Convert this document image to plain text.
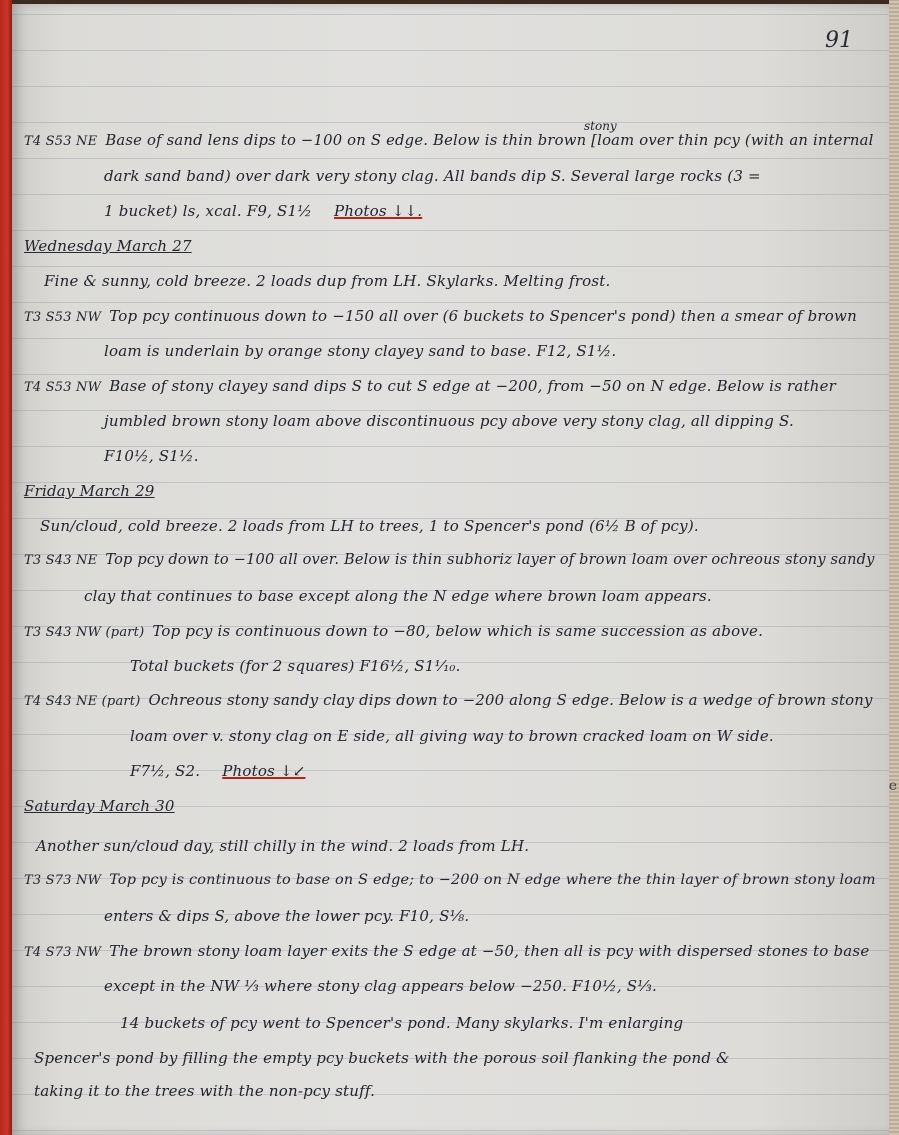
91
stony
T4 S53 NE Base of sand lens dips to −100 on S edge. Below is thin brown [loam over thin pcy (with an internal
dark sand band) over dark very stony clag. All bands dip S. Several large rocks (3 =
1 bucket) ls, xcal. F9, S1½ Photos ↓↓.
Wednesday March 27
Fine & sunny, cold breeze. 2 loads dup from LH. Skylarks. Melting frost.
T3 S53 NW Top pcy continuous down to −150 all over (6 buckets to Spencer's pond) then a smear of brown
loam is underlain by orange stony clayey sand to base. F12, S1½.
T4 S53 NW Base of stony clayey sand dips S to cut S edge at −200, from −50 on N edge. Below is rather
jumbled brown stony loam above discontinuous pcy above very stony clag, all dipping S.
F10½, S1½.
Friday March 29
Sun/cloud, cold breeze. 2 loads from LH to trees, 1 to Spencer's pond (6½ B of pcy).
T3 S43 NE Top pcy down to −100 all over. Below is thin subhoriz layer of brown loam over ochreous stony sandy
clay that continues to base except along the N edge where brown loam appears.
T3 S43 NW (part) Top pcy is continuous down to −80, below which is same succession as above.
Total buckets (for 2 squares) F16½, S1⅟₁₀.
T4 S43 NE (part) Ochreous stony sandy clay dips down to −200 along S edge. Below is a wedge of brown stony
loam over v. stony clag on E side, all giving way to brown cracked loam on W side.
F7½, S2. Photos ↓↙
Saturday March 30
Another sun/cloud day, still chilly in the wind. 2 loads from LH.
T3 S73 NW Top pcy is continuous to base on S edge; to −200 on N edge where the thin layer of brown stony loam
enters & dips S, above the lower pcy. F10, S⅛.
T4 S73 NW The brown stony loam layer exits the S edge at −50, then all is pcy with dispersed stones to base
except in the NW ⅓ where stony clag appears below −250. F10½, S⅓.
14 buckets of pcy went to Spencer's pond. Many skylarks. I'm enlarging
Spencer's pond by filling the empty pcy buckets with the porous soil flanking the pond &
taking it to the trees with the non-pcy stuff.
e
